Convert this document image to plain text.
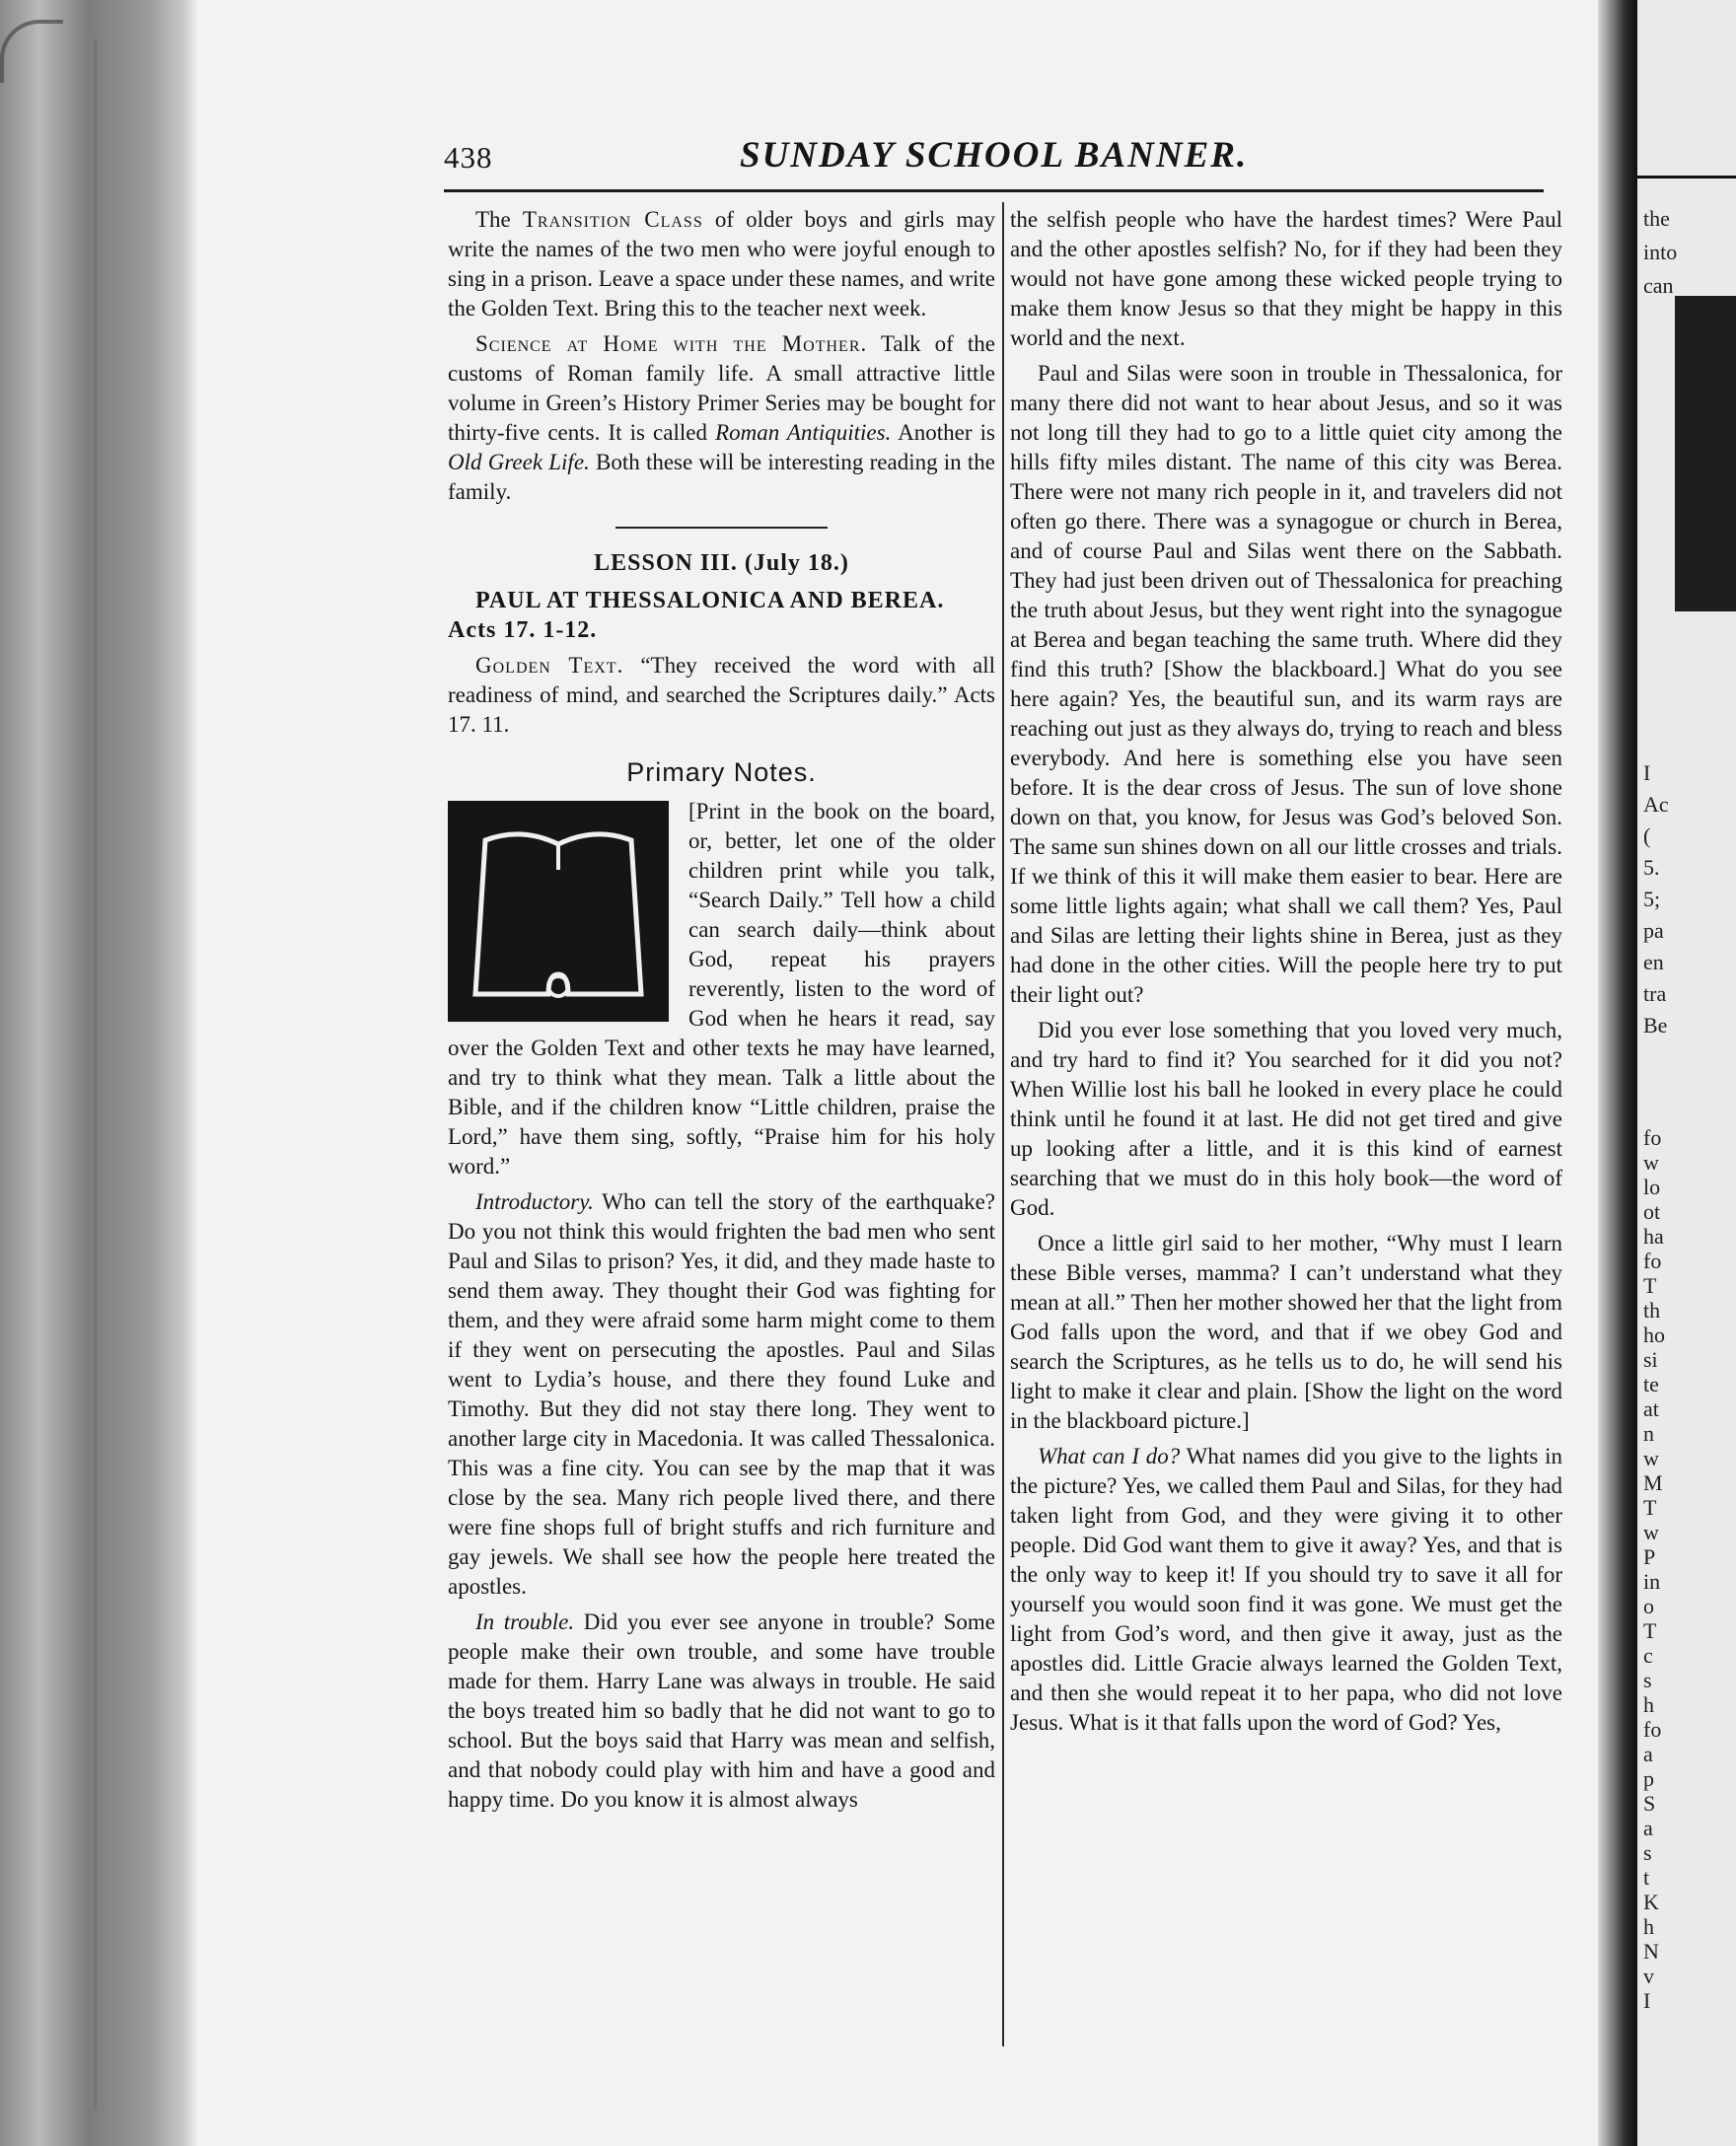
the
into
can
I
Ac
(
5.
5;
pa
en
tra
Be
fo
w
lo
ot
ha
fo
T
th
ho
si
te
at
n
w
M
T
w
P
in
o
T
c
s
h
fo
a
p
S
a
s
t
K
h
N
v
I
438	SUNDAY SCHOOL BANNER.

The Transition Class of older boys and girls may write the names of the two men who were joyful enough to sing in a prison. Leave a space under these names, and write the Golden Text. Bring this to the teacher next week.

Science at Home with the Mother. Talk of the customs of Roman family life. A small attractive little volume in Green’s History Primer Series may be bought for thirty-five cents. It is called Roman Antiquities. Another is Old Greek Life. Both these will be interesting reading in the family.

LESSON III. (July 18.)

PAUL AT THESSALONICA AND BEREA. Acts 17. 1-12.

Golden Text. “They received the word with all readiness of mind, and searched the Scriptures daily.” Acts 17. 11.

Primary Notes.

[Print in the book on the board, or, better, let one of the older children print while you talk, “Search Daily.” Tell how a child can search daily—think about God, repeat his prayers reverently, listen to the word of God when he hears it read, say over the Golden Text and other texts he may have learned, and try to think what they mean. Talk a little about the Bible, and if the children know “Little children, praise the Lord,” have them sing, softly, “Praise him for his holy word.”

Introductory. Who can tell the story of the earthquake? Do you not think this would frighten the bad men who sent Paul and Silas to prison? Yes, it did, and they made haste to send them away. They thought their God was fighting for them, and they were afraid some harm might come to them if they went on persecuting the apostles. Paul and Silas went to Lydia’s house, and there they found Luke and Timothy. But they did not stay there long. They went to another large city in Macedonia. It was called Thessalonica. This was a fine city. You can see by the map that it was close by the sea. Many rich people lived there, and there were fine shops full of bright stuffs and rich furniture and gay jewels. We shall see how the people here treated the apostles.

In trouble. Did you ever see anyone in trouble? Some people make their own trouble, and some have trouble made for them. Harry Lane was always in trouble. He said the boys treated him so badly that he did not want to go to school. But the boys said that Harry was mean and selfish, and that nobody could play with him and have a good and happy time. Do you know it is almost always

the selfish people who have the hardest times? Were Paul and the other apostles selfish? No, for if they had been they would not have gone among these wicked people trying to make them know Jesus so that they might be happy in this world and the next.

Paul and Silas were soon in trouble in Thessalonica, for many there did not want to hear about Jesus, and so it was not long till they had to go to a little quiet city among the hills fifty miles distant. The name of this city was Berea. There were not many rich people in it, and travelers did not often go there. There was a synagogue or church in Berea, and of course Paul and Silas went there on the Sabbath. They had just been driven out of Thessalonica for preaching the truth about Jesus, but they went right into the synagogue at Berea and began teaching the same truth. Where did they find this truth? [Show the blackboard.] What do you see here again? Yes, the beautiful sun, and its warm rays are reaching out just as they always do, trying to reach and bless everybody. And here is something else you have seen before. It is the dear cross of Jesus. The sun of love shone down on that, you know, for Jesus was God’s beloved Son. The same sun shines down on all our little crosses and trials. If we think of this it will make them easier to bear. Here are some little lights again; what shall we call them? Yes, Paul and Silas are letting their lights shine in Berea, just as they had done in the other cities. Will the people here try to put their light out?

Did you ever lose something that you loved very much, and try hard to find it? You searched for it did you not? When Willie lost his ball he looked in every place he could think until he found it at last. He did not get tired and give up looking after a little, and it is this kind of earnest searching that we must do in this holy book—the word of God.

Once a little girl said to her mother, “Why must I learn these Bible verses, mamma? I can’t understand what they mean at all.” Then her mother showed her that the light from God falls upon the word, and that if we obey God and search the Scriptures, as he tells us to do, he will send his light to make it clear and plain. [Show the light on the word in the blackboard picture.]

What can I do? What names did you give to the lights in the picture? Yes, we called them Paul and Silas, for they had taken light from God, and they were giving it to other people. Did God want them to give it away? Yes, and that is the only way to keep it! If you should try to save it all for yourself you would soon find it was gone. We must get the light from God’s word, and then give it away, just as the apostles did. Little Gracie always learned the Golden Text, and then she would repeat it to her papa, who did not love Jesus. What is it that falls upon the word of God? Yes,
